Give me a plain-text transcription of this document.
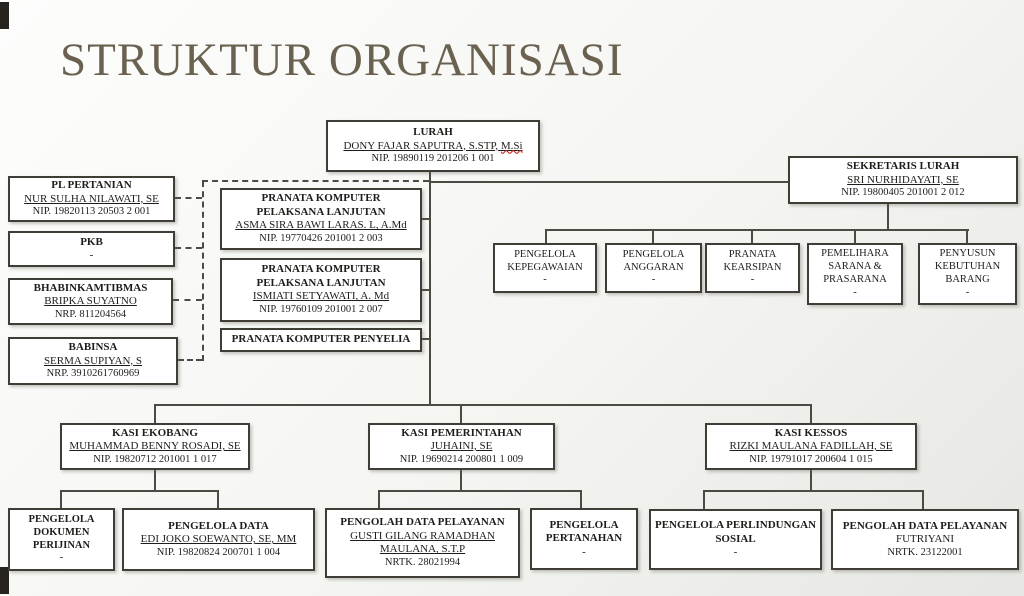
STRUKTUR ORGANISASI
LURAH
DONY FAJAR SAPUTRA, S.STP, M.Si
NIP. 19890119 201206 1 001
SEKRETARIS LURAH
SRI NURHIDAYATI, SE
NIP. 19800405 201001 2 012
PL PERTANIAN
NUR SULHA NILAWATI, SE
NIP. 19820113 20503 2 001
PKB
-
BHABINKAMTIBMAS
BRIPKA SUYATNO
NRP. 811204564
BABINSA
SERMA SUPIYAN, S
NRP. 3910261760969
PRANATA KOMPUTER
PELAKSANA LANJUTAN
ASMA SIRA BAWI LARAS. L, A.Md
NIP. 19770426 201001 2 003
PRANATA KOMPUTER
PELAKSANA LANJUTAN
ISMIATI SETYAWATI, A. Md
NIP. 19760109 201001 2 007
PRANATA KOMPUTER PENYELIA
PENGELOLA KEPEGAWAIAN
-
PENGELOLA ANGGARAN
-
PRANATA KEARSIPAN
-
PEMELIHARA SARANA & PRASARANA
-
PENYUSUN KEBUTUHAN BARANG
-
KASI EKOBANG
MUHAMMAD BENNY ROSADI, SE
NIP. 19820712 201001 1 017
KASI PEMERINTAHAN
JUHAINI, SE
NIP. 19690214 200801 1 009
KASI KESSOS
RIZKI MAULANA FADILLAH, SE
NIP. 19791017 200604 1 015
PENGELOLA DOKUMEN PERIJINAN
-
PENGELOLA DATA
EDI JOKO SOEWANTO, SE, MM
NIP. 19820824 200701 1 004
PENGOLAH DATA PELAYANAN
GUSTI GILANG RAMADHAN
MAULANA, S.T.P
NRTK. 28021994
PENGELOLA PERTANAHAN
-
PENGELOLA PERLINDUNGAN SOSIAL
-
PENGOLAH DATA PELAYANAN
FUTRIYANI
NRTK. 23122001
